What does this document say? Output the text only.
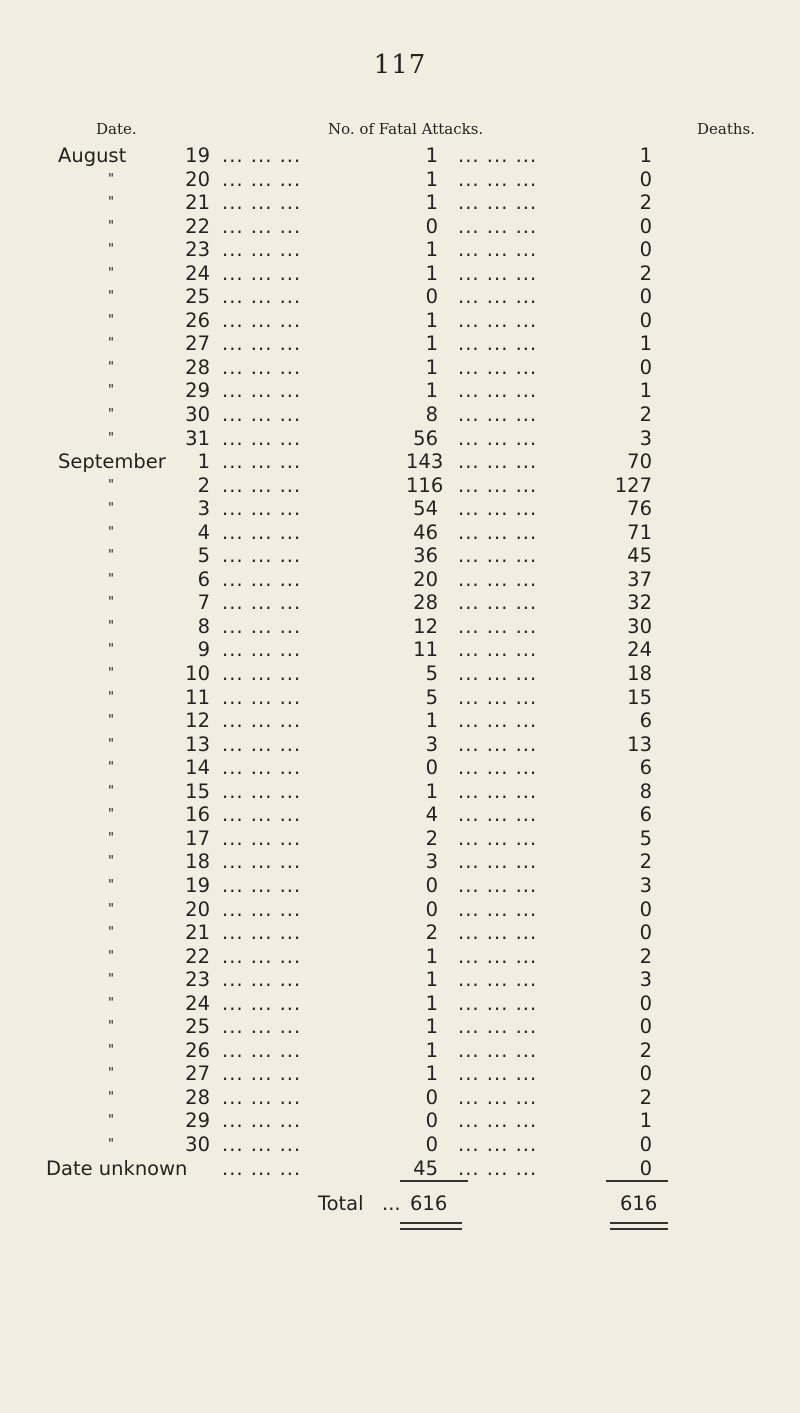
117
Date.	No. of Fatal Attacks.	Deaths.
August	19 ... ... ...	1 ... ... ...	1
"	20 ... ... ...	1 ... ... ...	0
"	21 ... ... ...	1 ... ... ...	2
"	22 ... ... ...	0 ... ... ...	0
"	23 ... ... ...	1 ... ... ...	0
"	24 ... ... ...	1 ... ... ...	2
"	25 ... ... ...	0 ... ... ...	0
"	26 ... ... ...	1 ... ... ...	0
"	27 ... ... ...	1 ... ... ...	1
"	28 ... ... ...	1 ... ... ...	0
"	29 ... ... ...	1 ... ... ...	1
"	30 ... ... ...	8 ... ... ...	2
"	31 ... ... ...	56 ... ... ...	3
September	1 ... ... ...	143 ... ... ...	70
"	2 ... ... ...	116 ... ... ...	127
"	3 ... ... ...	54 ... ... ...	76
"	4 ... ... ...	46 ... ... ...	71
"	5 ... ... ...	36 ... ... ...	45
"	6 ... ... ...	20 ... ... ...	37
"	7 ... ... ...	28 ... ... ...	32
"	8 ... ... ...	12 ... ... ...	30
"	9 ... ... ...	11 ... ... ...	24
"	10 ... ... ...	5 ... ... ...	18
"	11 ... ... ...	5 ... ... ...	15
"	12 ... ... ...	1 ... ... ...	6
"	13 ... ... ...	3 ... ... ...	13
"	14 ... ... ...	0 ... ... ...	6
"	15 ... ... ...	1 ... ... ...	8
"	16 ... ... ...	4 ... ... ...	6
"	17 ... ... ...	2 ... ... ...	5
"	18 ... ... ...	3 ... ... ...	2
"	19 ... ... ...	0 ... ... ...	3
"	20 ... ... ...	0 ... ... ...	0
"	21 ... ... ...	2 ... ... ...	0
"	22 ... ... ...	1 ... ... ...	2
"	23 ... ... ...	1 ... ... ...	3
"	24 ... ... ...	1 ... ... ...	0
"	25 ... ... ...	1 ... ... ...	0
"	26 ... ... ...	1 ... ... ...	2
"	27 ... ... ...	1 ... ... ...	0
"	28 ... ... ...	0 ... ... ...	2
"	29 ... ... ...	0 ... ... ...	1
"	30 ... ... ...	0 ... ... ...	0
Date unknown ... ... ...	45 ... ... ...	0
Total ... 616	616
